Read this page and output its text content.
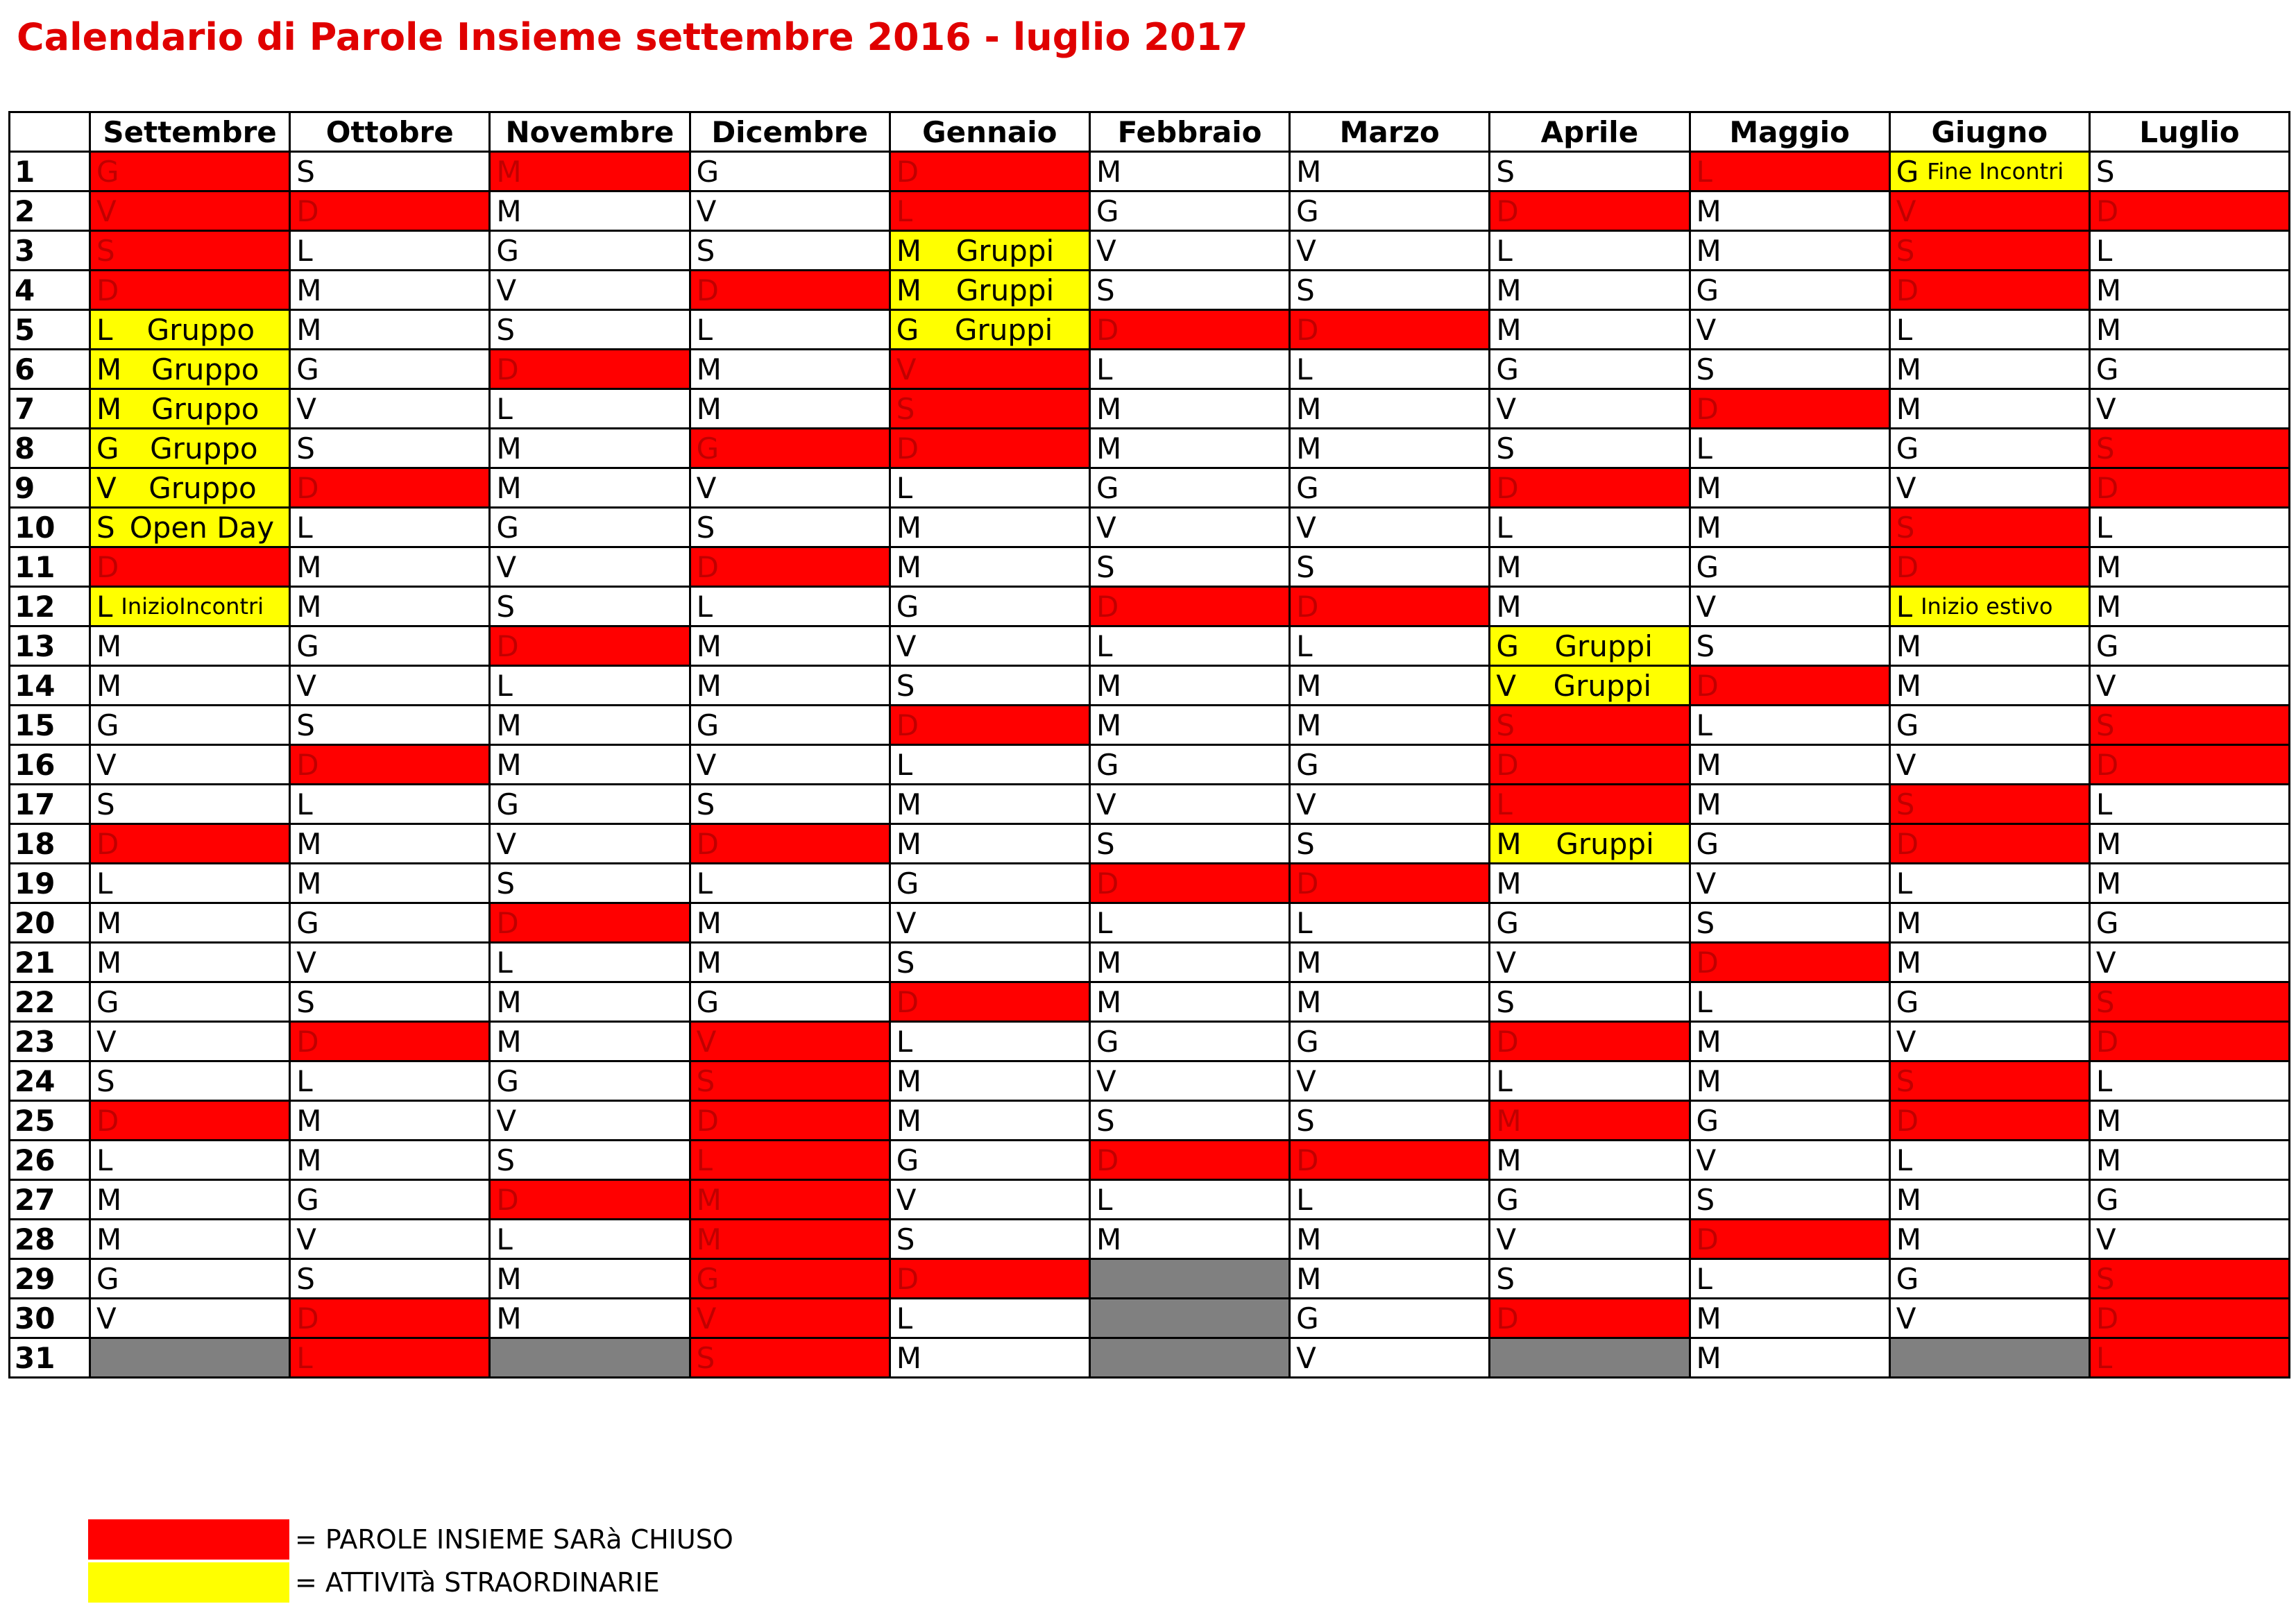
Calendario di Parole Insieme settembre 2016 - luglio 2017
	Settembre	Ottobre	Novembre	Dicembre	Gennaio	Febbraio	Marzo	Aprile	Maggio	Giugno	Luglio
1	G	S	M	G	D	M	M	S	L	G Fine Incontri	S

2	V	D	M	V	L	G	G	D	M	V	D

3	S	L	G	S	M Gruppi	V	V	L	M	S	L

4	D	M	V	D	M Gruppi	S	S	M	G	D	M

5	L Gruppo	M	S	L	G Gruppi	D	D	M	V	L	M

6	M Gruppo	G	D	M	V	L	L	G	S	M	G

7	M Gruppo	V	L	M	S	M	M	V	D	M	V

8	G Gruppo	S	M	G	D	M	M	S	L	G	S

9	V Gruppo	D	M	V	L	G	G	D	M	V	D

10	S Open Day	L	G	S	M	V	V	L	M	S	L

11	D	M	V	D	M	S	S	M	G	D	M

12	L InizioIncontri	M	S	L	G	D	D	M	V	L Inizio estivo	M

13	M	G	D	M	V	L	L	G Gruppi	S	M	G

14	M	V	L	M	S	M	M	V Gruppi	D	M	V

15	G	S	M	G	D	M	M	S	L	G	S

16	V	D	M	V	L	G	G	D	M	V	D

17	S	L	G	S	M	V	V	L	M	S	L

18	D	M	V	D	M	S	S	M Gruppi	G	D	M

19	L	M	S	L	G	D	D	M	V	L	M

20	M	G	D	M	V	L	L	G	S	M	G

21	M	V	L	M	S	M	M	V	D	M	V

22	G	S	M	G	D	M	M	S	L	G	S

23	V	D	M	V	L	G	G	D	M	V	D

24	S	L	G	S	M	V	V	L	M	S	L

25	D	M	V	D	M	S	S	M	G	D	M

26	L	M	S	L	G	D	D	M	V	L	M

27	M	G	D	M	V	L	L	G	S	M	G

28	M	V	L	M	S	M	M	V	D	M	V

29	G	S	M	G	D		M	S	L	G	S

30	V	D	M	V	L		G	D	M	V	D

31		L		S	M		V		M		L
= PAROLE INSIEME SARà CHIUSO
= ATTIVITà STRAORDINARIE
